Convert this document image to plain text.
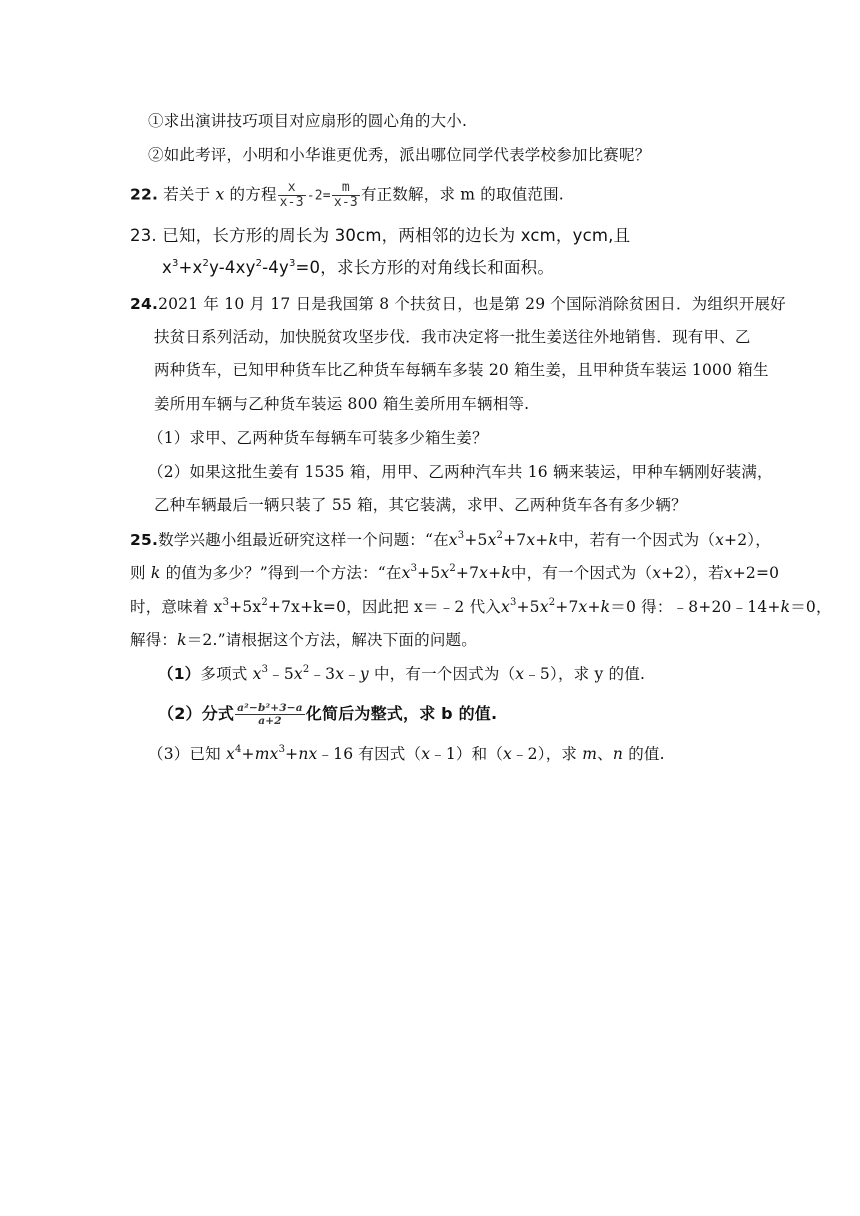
①求出演讲技巧项目对应扇形的圆心角的大小.
②如此考评，小明和小华谁更优秀，派出哪位同学代表学校参加比赛呢？
22. 若关于 x 的方程 $\frac{x}{x-3} -2= \frac{m}{x-3}$ 有正数解，求 m 的取值范围.
23. 已知，长方形的周长为 30cm，两相邻的边长为 xcm，ycm,且
$x^3+x^2y-4xy^2-4y^3=0$，求长方形的对角线长和面积。
24.2021 年 10 月 17 日是我国第 8 个扶贫日，也是第 29 个国际消除贫困日．为组织开展好
扶贫日系列活动，加快脱贫攻坚步伐．我市决定将一批生姜送往外地销售．现有甲、乙
两种货车，已知甲种货车比乙种货车每辆车多装 20 箱生姜，且甲种货车装运 1000 箱生
姜所用车辆与乙种货车装运 800 箱生姜所用车辆相等.
（1）求甲、乙两种货车每辆车可装多少箱生姜？
（2）如果这批生姜有 1535 箱，用甲、乙两种汽车共 16 辆来装运，甲种车辆刚好装满，
乙种车辆最后一辆只装了 55 箱，其它装满，求甲、乙两种货车各有多少辆？
25.数学兴趣小组最近研究这样一个问题：“在$x^3+5x^2+7x+k$中，若有一个因式为（x+2），
则 k 的值为多少？”得到一个方法：“在$x^3+5x^2+7x+k$中，有一个因式为（x+2），若x+2=0
时，意味着 $x^3+5x^2+7x+k=0$，因此把 x＝﹣2 代入$x^3+5x^2+7x+k=0$ 得：﹣8+20﹣14+k＝0，
解得：k＝2.”请根据这个方法，解决下面的问题。
（1）多项式 $x^3﹣5x^2﹣3x﹣y$ 中，有一个因式为（x﹣5），求 y 的值.
（2）分式 $\frac{\text{a²−b²+3−a}}{a+2}$ 化简后为整式，求 b 的值.
（3）已知 $x^4+mx^3+nx﹣16$ 有因式（x﹣1）和（x﹣2），求 m、n 的值.
